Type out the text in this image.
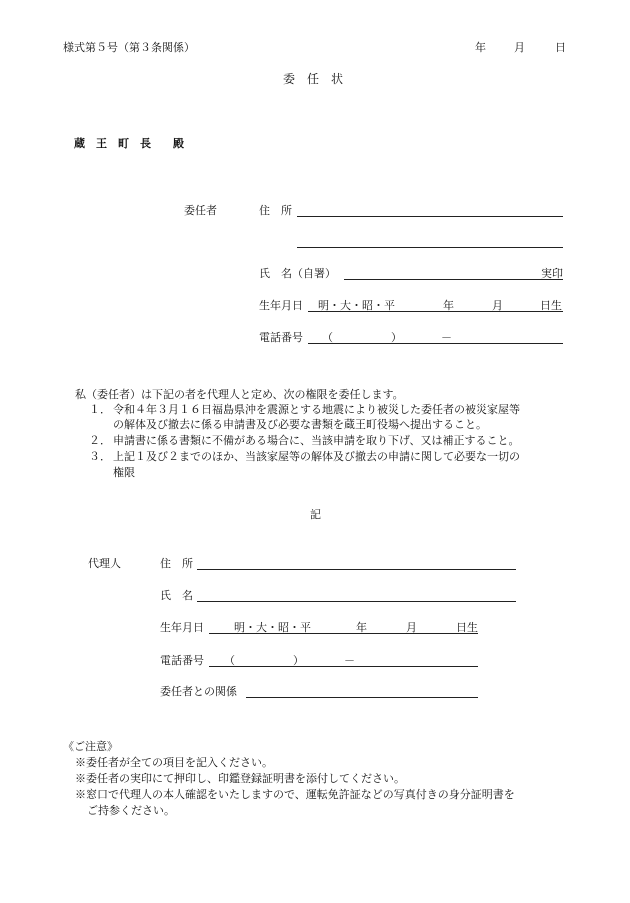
様式第５号（第３条関係）	年	月	日
委　任　状
蔵　王　町　長　　殿
委任者	住　所
氏　名（自署）	実印
生年月日 明・大・昭・平	年	月	日生
電話番号 （	）	－
私（委任者）は下記の者を代理人と定め、次の権限を委任します。
１． 令和４年３月１６日福島県沖を震源とする地震により被災した委任者の被災家屋等
の解体及び撤去に係る申請書及び必要な書類を蔵王町役場へ提出すること。
２． 申請書に係る書類に不備がある場合に、当該申請を取り下げ、又は補正すること。
３． 上記１及び２までのほか、当該家屋等の解体及び撤去の申請に関して必要な一切の
権限
記
代理人	住　所
氏　名
生年月日	明・大・昭・平	年	月	日生
電話番号 （	）	－
委任者との関係
《ご注意》
※委任者が全ての項目を記入ください。
※委任者の実印にて押印し、印鑑登録証明書を添付してください。
※窓口で代理人の本人確認をいたしますので、運転免許証などの写真付きの身分証明書を
ご持参ください。
